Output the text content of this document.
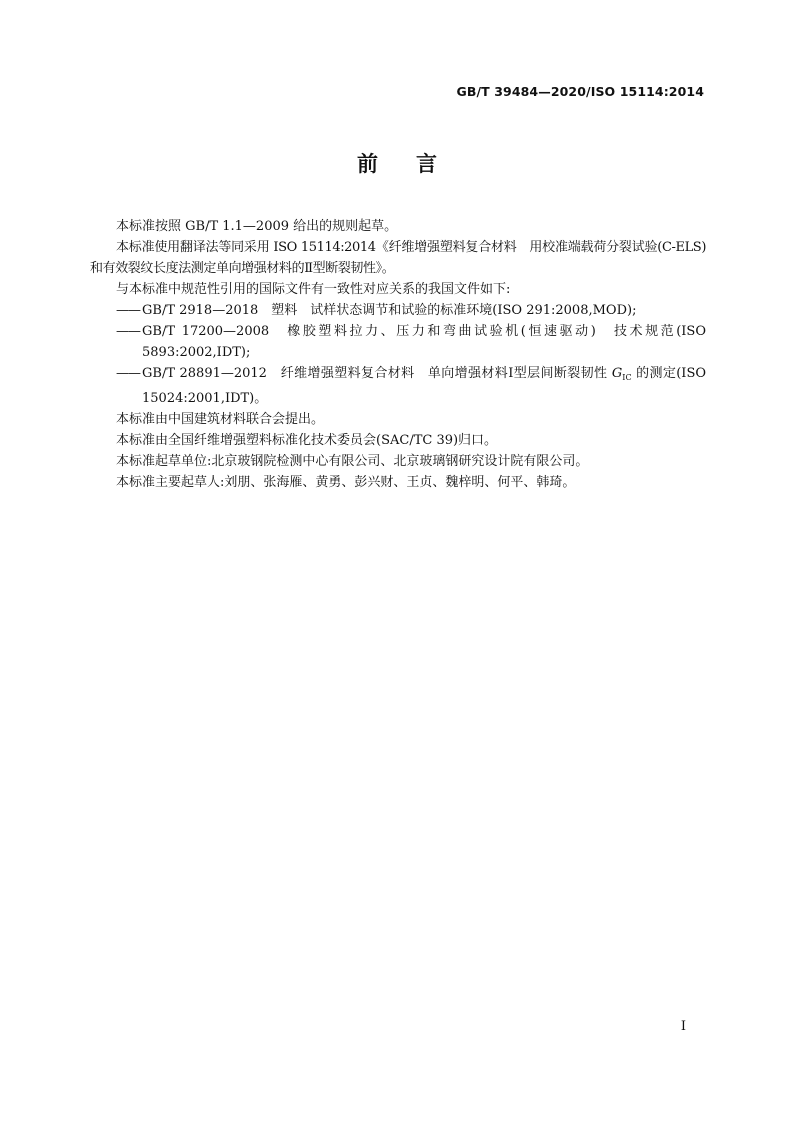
GB/T 39484—2020/ISO 15114:2014
前言

本标准按照 GB/T 1.1—2009 给出的规则起草。

本标准使用翻译法等同采用 ISO 15114:2014《纤维增强塑料复合材料　用校准端载荷分裂试验(C-ELS)和有效裂纹长度法测定单向增强材料的Ⅱ型断裂韧性》。

与本标准中规范性引用的国际文件有一致性对应关系的我国文件如下:

—— GB/T 2918—2018　塑料　试样状态调节和试验的标准环境(ISO 291:2008,MOD);

—— GB/T 17200—2008　橡胶塑料拉力、压力和弯曲试验机(恒速驱动)　技术规范(ISO 5893:2002,IDT);

—— GB/T 28891—2012　纤维增强塑料复合材料　单向增强材料Ⅰ型层间断裂韧性 $G_{IC}$ 的测定(ISO 15024:2001,IDT)。

本标准由中国建筑材料联合会提出。

本标准由全国纤维增强塑料标准化技术委员会(SAC/TC 39)归口。

本标准起草单位:北京玻钢院检测中心有限公司、北京玻璃钢研究设计院有限公司。

本标准主要起草人:刘朋、张海雁、黄勇、彭兴财、王贞、魏梓明、何平、韩琦。

I
